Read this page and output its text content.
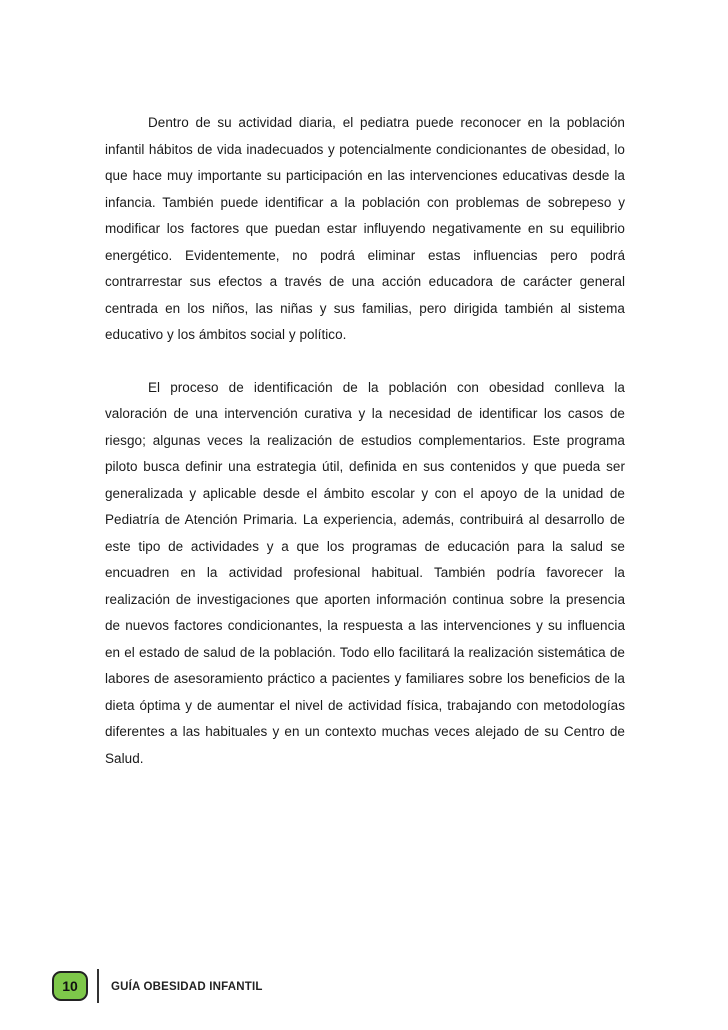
Dentro de su actividad diaria, el pediatra puede reconocer en la población infantil hábitos de vida inadecuados y potencialmente condicionantes de obesidad, lo que hace muy importante su participación en las intervenciones educativas desde la infancia. También puede identificar a la población con problemas de sobrepeso y modificar los factores que puedan estar influyendo negativamente en su equilibrio energético. Evidentemente, no podrá eliminar estas influencias pero podrá contrarrestar sus efectos a través de una acción educadora de carácter general centrada en los niños, las niñas y sus familias, pero dirigida también al sistema educativo y los ámbitos social y político.

El proceso de identificación de la población con obesidad conlleva la valoración de una intervención curativa y la necesidad de identificar los casos de riesgo; algunas veces la realización de estudios complementarios. Este programa piloto busca definir una estrategia útil, definida en sus contenidos y que pueda ser generalizada y aplicable desde el ámbito escolar y con el apoyo de la unidad de Pediatría de Atención Primaria. La experiencia, además, contribuirá al desarrollo de este tipo de actividades y a que los programas de educación para la salud se encuadren en la actividad profesional habitual. También podría favorecer la realización de investigaciones que aporten información continua sobre la presencia de nuevos factores condicionantes, la respuesta a las intervenciones y su influencia en el estado de salud de la población. Todo ello facilitará la realización sistemática de labores de asesoramiento práctico a pacientes y familiares sobre los beneficios de la dieta óptima y de aumentar el nivel de actividad física, trabajando con metodologías diferentes a las habituales y en un contexto muchas veces alejado de su Centro de Salud.

10	GUÍA OBESIDAD INFANTIL
